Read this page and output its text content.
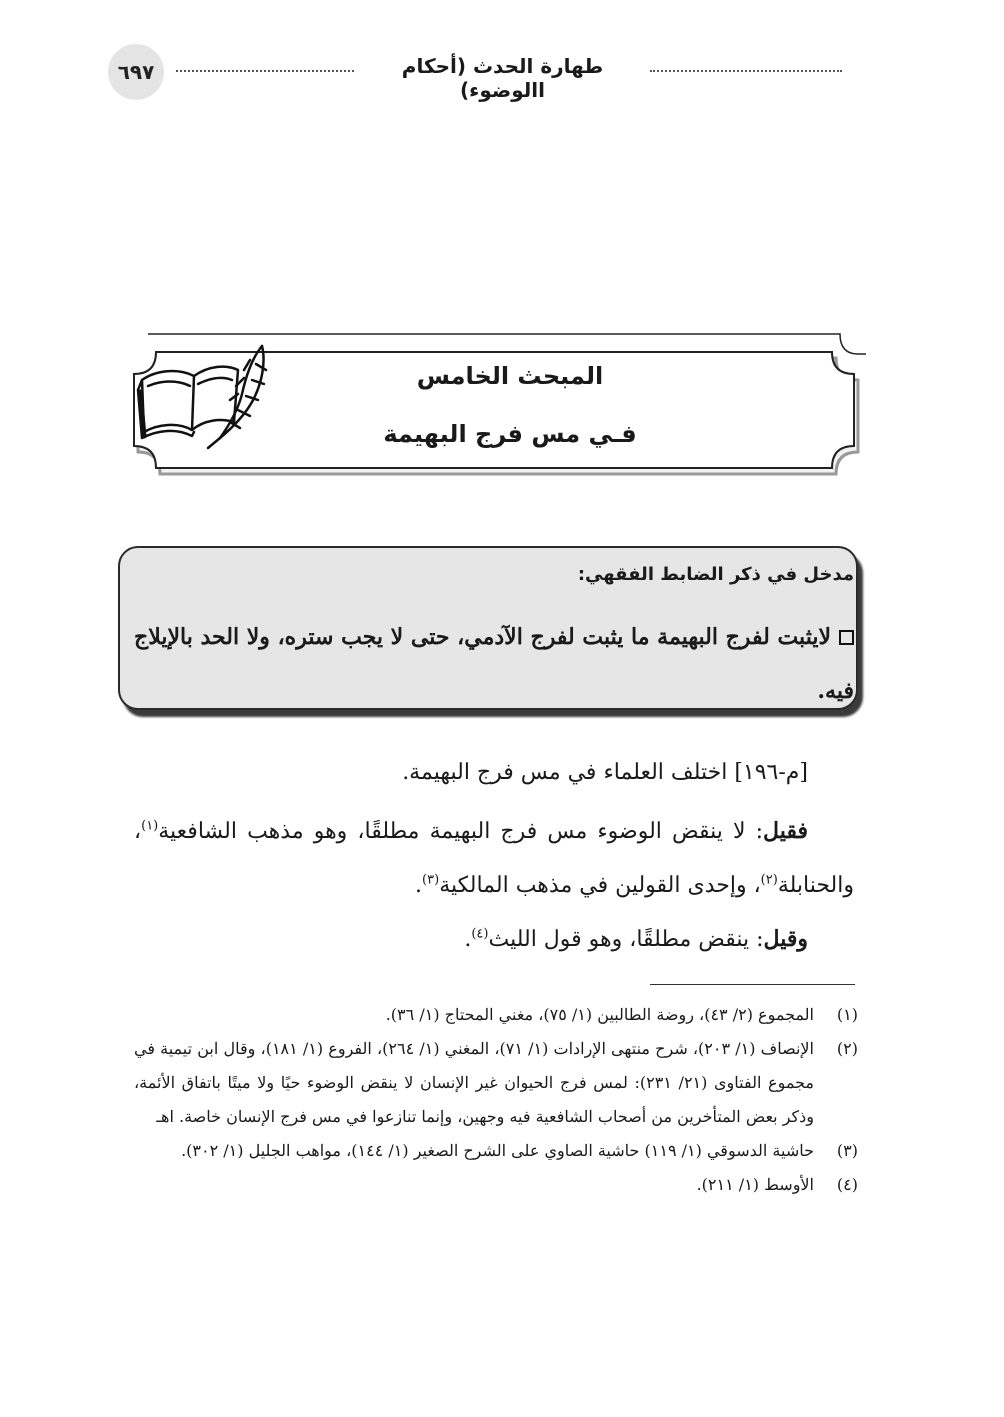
٦٩٧	طهارة الحدث (أحكام االوضوء)
المبحث الخامس
فـي مس فرج البهيمة
مدخل في ذكر الضابط الفقهي:
لايثبت لفرج البهيمة ما يثبت لفرج الآدمي، حتى لا يجب ستره، ولا الحد بالإيلاج فيه.
[م-١٩٦] اختلف العلماء في مس فرج البهيمة.
فقيل: لا ينقض الوضوء مس فرج البهيمة مطلقًا، وهو مذهب الشافعية$^{(١)}$، والحنابلة$^{(٢)}$، وإحدى القولين في مذهب المالكية$^{(٣)}$.
وقيل: ينقض مطلقًا، وهو قول الليث$^{(٤)}$.
(١)
المجموع (٢/ ٤٣)، روضة الطالبين (١/ ٧٥)، مغني المحتاج (١/ ٣٦).
(٢)
الإنصاف (١/ ٢٠٣)، شرح منتهى الإرادات (١/ ٧١)، المغني (١/ ٢٦٤)، الفروع (١/ ١٨١)، وقال ابن تيمية في مجموع الفتاوى (٢١/ ٢٣١): لمس فرج الحيوان غير الإنسان لا ينقض الوضوء حيًا ولا ميتًا باتفاق الأئمة، وذكر بعض المتأخرين من أصحاب الشافعية فيه وجهين، وإنما تنازعوا في مس فرج الإنسان خاصة. اهـ
(٣)
حاشية الدسوقي (١/ ١١٩) حاشية الصاوي على الشرح الصغير (١/ ١٤٤)، مواهب الجليل (١/ ٣٠٢).
(٤)
الأوسط (١/ ٢١١).
